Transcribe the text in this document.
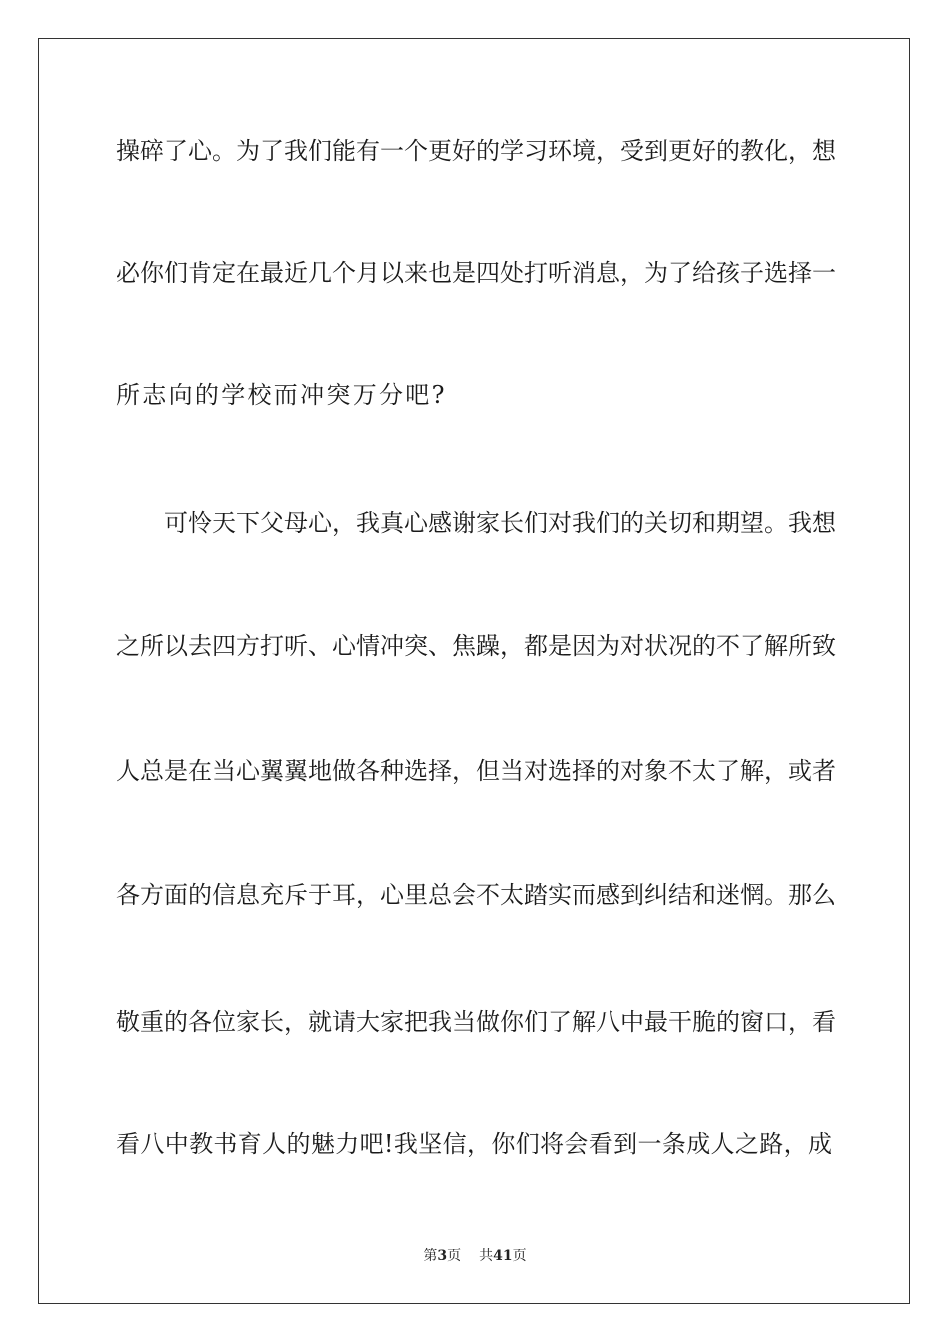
操碎了心。为了我们能有一个更好的学习环境，受到更好的教化，想
必你们肯定在最近几个月以来也是四处打听消息，为了给孩子选择一
所志向的学校而冲突万分吧?
可怜天下父母心，我真心感谢家长们对我们的关切和期望。我想
之所以去四方打听、心情冲突、焦躁，都是因为对状况的不了解所致
人总是在当心翼翼地做各种选择，但当对选择的对象不太了解，或者
各方面的信息充斥于耳，心里总会不太踏实而感到纠结和迷惘。那么
敬重的各位家长，就请大家把我当做你们了解八中最干脆的窗口，看
看八中教书育人的魅力吧!我坚信，你们将会看到一条成人之路，成
第3页 共41页
